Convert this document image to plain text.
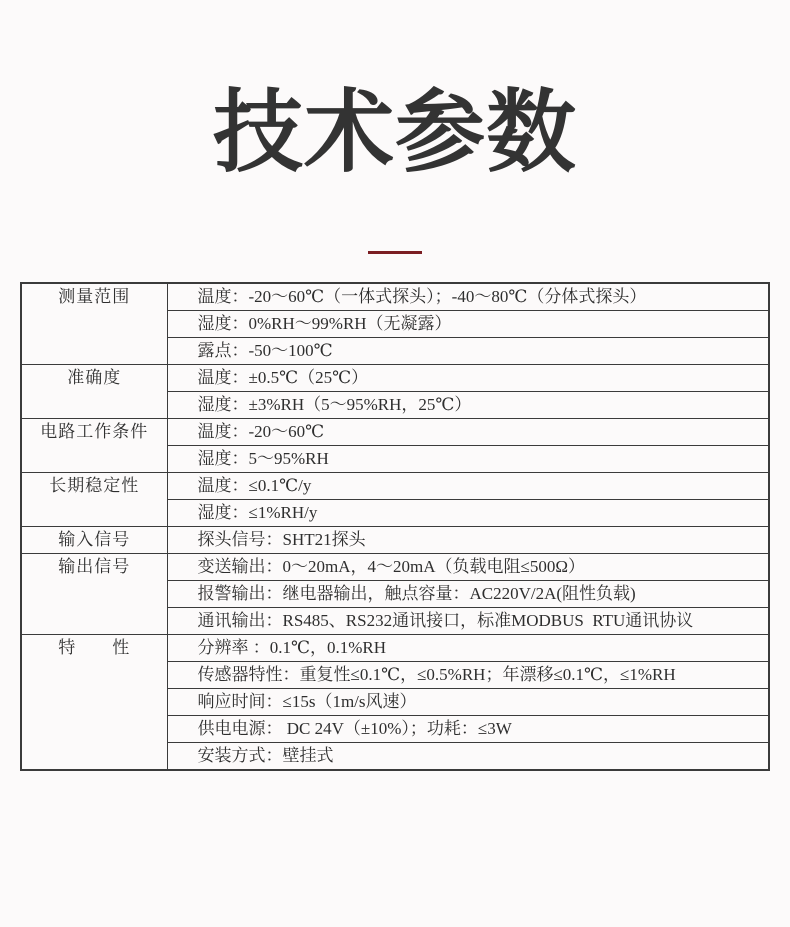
技术参数
测量范围	温度：-20～60℃（一体式探头）；-40～80℃（分体式探头）
	湿度：0%RH～99%RH（无凝露）
	露点：-50～100℃
准确度	温度：±0.5℃（25℃）
	湿度：±3%RH（5～95%RH，25℃）
电路工作条件	温度：-20～60℃
	湿度：5～95%RH
长期稳定性	温度：≤0.1℃/y
	湿度：≤1%RH/y
输入信号	探头信号：SHT21探头
输出信号	变送输出：0～20mA，4～20mA（负载电阻≤500Ω）
	报警输出：继电器输出，触点容量：AC220V/2A(阻性负载)
	通讯输出：RS485、RS232通讯接口，标准MODBUS  RTU通讯协议
特　　性	分辨率 ：0.1℃，0.1%RH
	传感器特性：重复性≤0.1℃，≤0.5%RH；年漂移≤0.1℃，≤1%RH
	响应时间：≤15s（1m/s风速）
	供电电源： DC 24V（±10%）；功耗：≤3W
	安装方式：壁挂式
